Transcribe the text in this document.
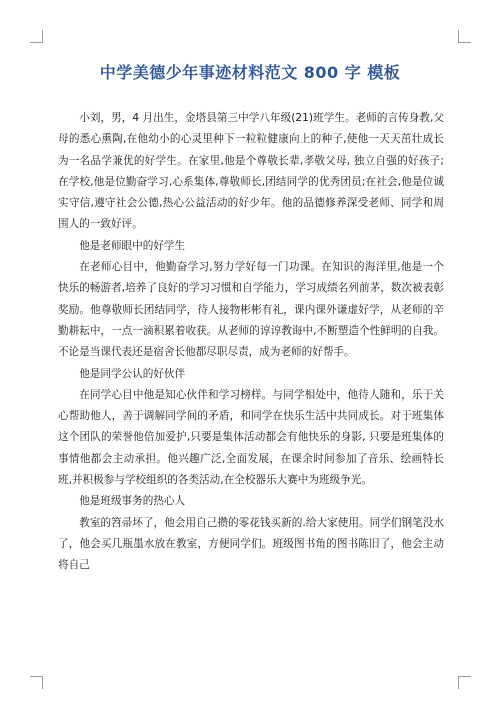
中学美德少年事迹材料范文 800 字 模板

小刘，男，4 月出生，金塔县第三中学八年级(21)班学生。老师的言传身教,父母的悉心熏陶,在他幼小的心灵里种下一粒粒健康向上的种子,使他一天天茁壮成长为一名品学兼优的好学生。在家里,他是个尊敬长辈,孝敬父母, 独立自强的好孩子;在学校,他是位勤奋学习,心系集体,尊敬师长,团结同学的优秀团员;在社会,他是位诚实守信,遵守社会公德,热心公益活动的好少年。他的品德修养深受老师、同学和周围人的一致好评。

他是老师眼中的好学生

在老师心目中，他勤奋学习,努力学好每一门功课。在知识的海洋里,他是一个快乐的畅游者,培养了良好的学习习惯和自学能力，学习成绩名列前茅，数次被表彰奖励。他尊敬师长团结同学，待人接物彬彬有礼，课内课外谦虚好学，从老师的辛勤耕耘中，一点一滴积累着收获。从老师的谆谆教诲中,不断塑造个性鲜明的自我。不论是当课代表还是宿舍长他都尽职尽责，成为老师的好帮手。

他是同学公认的好伙伴

在同学心目中他是知心伙伴和学习榜样。与同学相处中，他待人随和，乐于关心帮助他人，善于调解同学间的矛盾，和同学在快乐生活中共同成长。对于班集体这个团队的荣誉他倍加爱护,只要是集体活动都会有他快乐的身影, 只要是班集体的事情他都会主动承担。他兴趣广泛,全面发展，在课余时间参加了音乐、绘画特长班,并积极参与学校组织的各类活动,在全校器乐大赛中为班级争光。

他是班级事务的热心人

教室的笤帚坏了，他会用自己攒的零花钱买新的.给大家使用。同学们钢笔没水了，他会买几瓶墨水放在教室，方便同学们。班级图书角的图书陈旧了，他会主动将自己
